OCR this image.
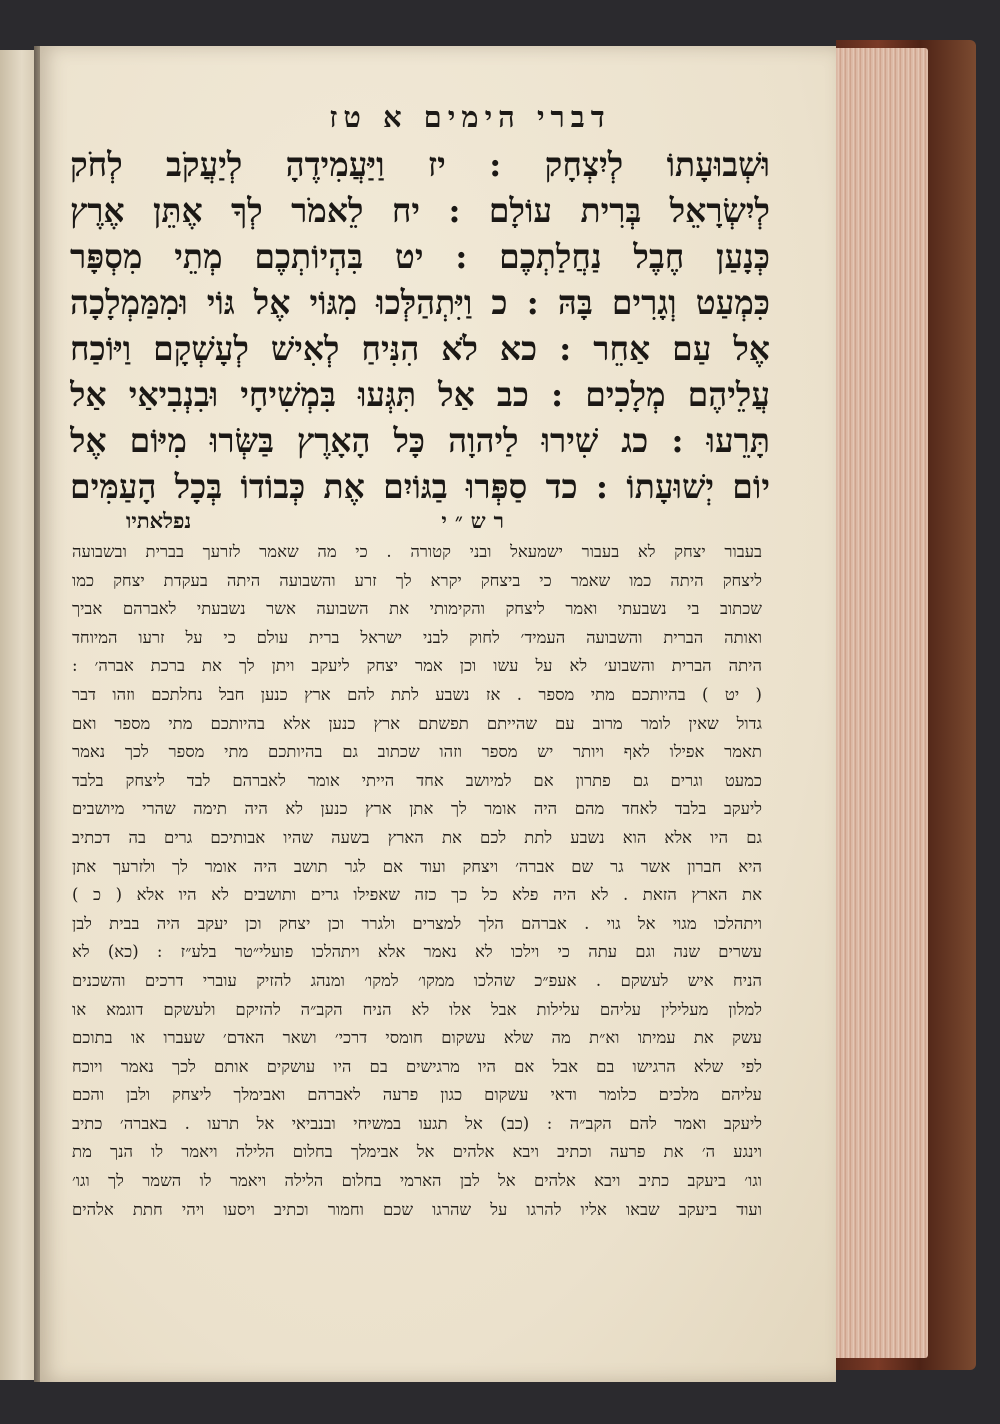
דברי הימים א טז
וּשְׁבוּעָתוֹ לְיִצְחָק : יז וַיַּעֲמִידֶהָ לְיַעֲקֹב לְחֹק
לְיִשְׂרָאֵל בְּרִית עוֹלָם : יח לֵאמֹר לְךָ אֶתֵּן אֶרֶץ
כְּנָעַן חֶבֶל נַחֲלַתְכֶם : יט בִּהְיוֹתְכֶם מְתֵי מִסְפָּר
כִּמְעַט וְגָרִים בָּהּ : כ וַיִּתְהַלְּכוּ מִגּוֹי אֶל גּוֹי וּמִמַּמְלָכָה
אֶל עַם אַחֵר : כא לֹא הִנִּיחַ לְאִישׁ לְעָשְׁקָם וַיּוֹכַח
עֲלֵיהֶם מְלָכִים : כב אַל תִּגְּעוּ בִּמְשִׁיחָי וּבִנְבִיאַי אַל
תָּרֵעוּ : כג שִׁירוּ לַיהוָה כָּל הָאָרֶץ בַּשְּׂרוּ מִיּוֹם אֶל
יוֹם יְשׁוּעָתוֹ : כד סַפְּרוּ בַגּוֹיִם אֶת כְּבוֹדוֹ בְּכָל הָעַמִּים
רש״י
נפלאתיו
בעבור יצחק לא בעבור ישמעאל ובני קטורה . כי מה שאמר לזרעך בברית ובשבועה
ליצחק היתה כמו שאמר כי ביצחק יקרא לך זרע והשבועה היתה בעקדת יצחק כמו
שכתוב בי נשבעתי ואמר ליצחק והקימותי את השבועה אשר נשבעתי לאברהם אביך
ואותה הברית והשבועה העמיד׳ לחוק לבני ישראל ברית עולם כי על זרעו המיוחד
היתה הברית והשבוע׳ לא על עשו וכן אמר יצחק ליעקב ויתן לך את ברכת אברה׳ :
( יט ) בהיותכם מתי מספר . אז נשבע לתת להם ארץ כנען חבל נחלתכם וזהו דבר
גדול שאין לומר מרוב עם שהייתם תפשתם ארץ כנען אלא בהיותכם מתי מספר ואם
תאמר אפילו לאף ויותר יש מספר וזהו שכתוב גם בהיותכם מתי מספר לכך נאמר
כמעט וגרים גם פתרון אם למיושב אחד הייתי אומר לאברהם לבד ליצחק בלבד
ליעקב בלבד לאחד מהם היה אומר לך אתן ארץ כנען לא היה תימה שהרי מיושבים
גם היו אלא הוא נשבע לתת לכם את הארץ בשעה שהיו אבותיכם גרים בה דכתיב
היא חברון אשר גר שם אברה׳ ויצחק ועוד אם לגר תושב היה אומר לך ולזרעך אתן
את הארץ הזאת . לא היה פלא כל כך כזה שאפילו גרים ותושבים לא היו אלא ( כ )
ויתהלכו מגוי אל גוי . אברהם הלך למצרים ולגרר וכן יצחק וכן יעקב היה בבית לבן
עשרים שנה וגם עתה כי וילכו לא נאמר אלא ויתהלכו פועלי״טר בלע״ז : (כא) לא
הניח איש לעשקם . אעפ״כ שהלכו ממקו׳ למקו׳ ומנהג להזיק עוברי דרכים והשכנים
למלון מעלילין עליהם עלילות אבל אלו לא הניח הקב״ה להזיקם ולעשקם דוגמא או
עשק את עמיתו וא״ת מה שלא עשקום חומסי דרכי׳ ושאר האדם׳ שעברו או בתוכם
לפי שלא הרגישו בם אבל אם היו מרגישים בם היו עושקים אותם לכך נאמר ויוכח
עליהם מלכים כלומר ודאי עשקום כגון פרעה לאברהם ואבימלך ליצחק ולבן והכם
ליעקב ואמר להם הקב״ה : (כב) אל תגעו במשיחי ובנביאי אל תרעו . באברה׳ כתיב
וינגע ה׳ את פרעה וכתיב ויבא אלהים אל אבימלך בחלום הלילה ויאמר לו הנך מת
וגו׳ ביעקב כתיב ויבא אלהים אל לבן הארמי בחלום הלילה ויאמר לו השמר לך וגו׳
ועוד ביעקב שבאו אליו להרגו על שהרגו שכם וחמור וכתיב ויסעו ויהי חתת אלהים
